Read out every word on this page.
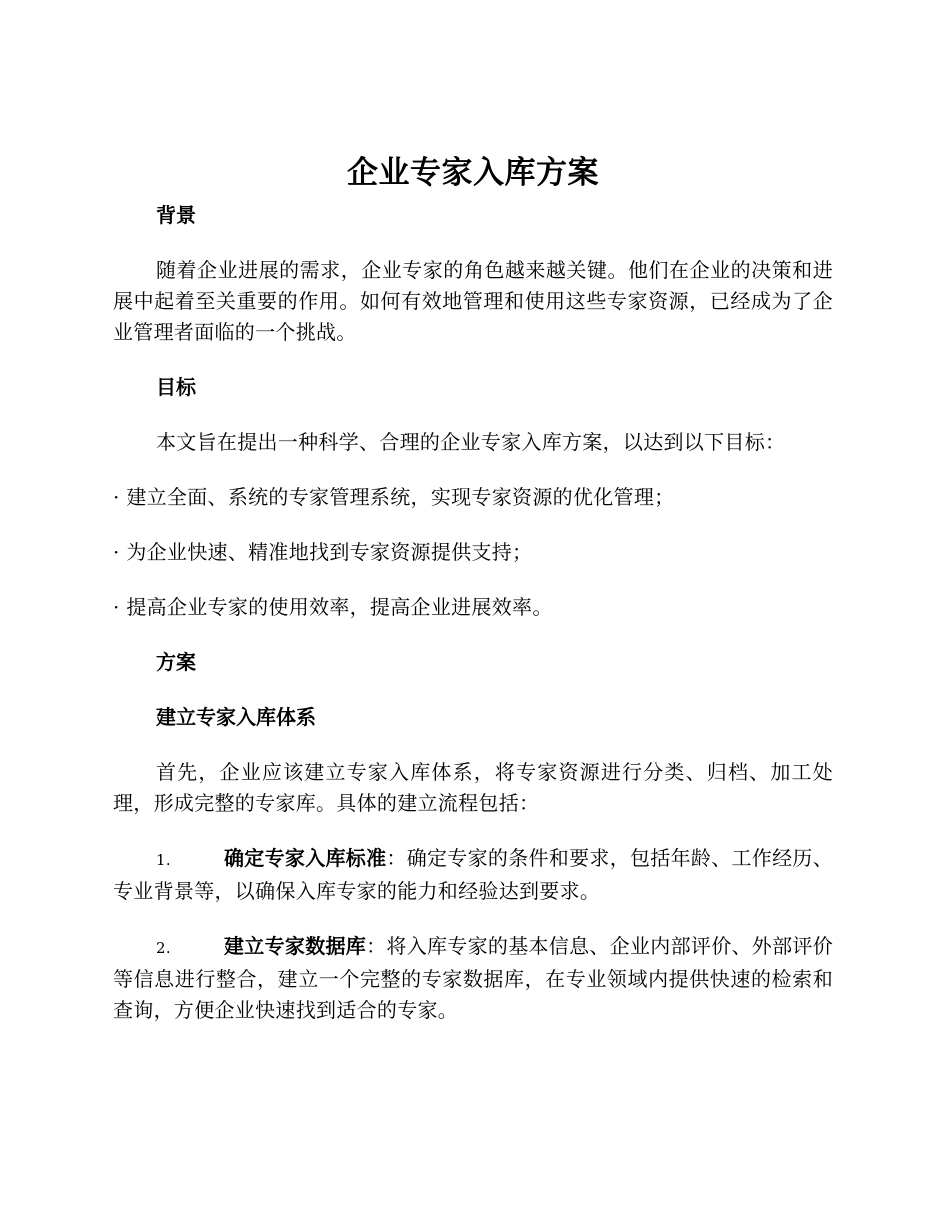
企业专家入库方案
背景

随着企业进展的需求，企业专家的角色越来越关键。他们在企业的决策和进展中起着至关重要的作用。如何有效地管理和使用这些专家资源，已经成为了企业管理者面临的一个挑战。

目标

本文旨在提出一种科学、合理的企业专家入库方案，以达到以下目标：

· 建立全面、系统的专家管理系统，实现专家资源的优化管理；

· 为企业快速、精准地找到专家资源提供支持；

· 提高企业专家的使用效率，提高企业进展效率。

方案
建立专家入库体系

首先，企业应该建立专家入库体系，将专家资源进行分类、归档、加工处理，形成完整的专家库。具体的建立流程包括：

1.	确定专家入库标准：确定专家的条件和要求，包括年龄、工作经历、专业背景等，以确保入库专家的能力和经验达到要求。

2.	建立专家数据库：将入库专家的基本信息、企业内部评价、外部评价等信息进行整合，建立一个完整的专家数据库，在专业领域内提供快速的检索和查询，方便企业快速找到适合的专家。
